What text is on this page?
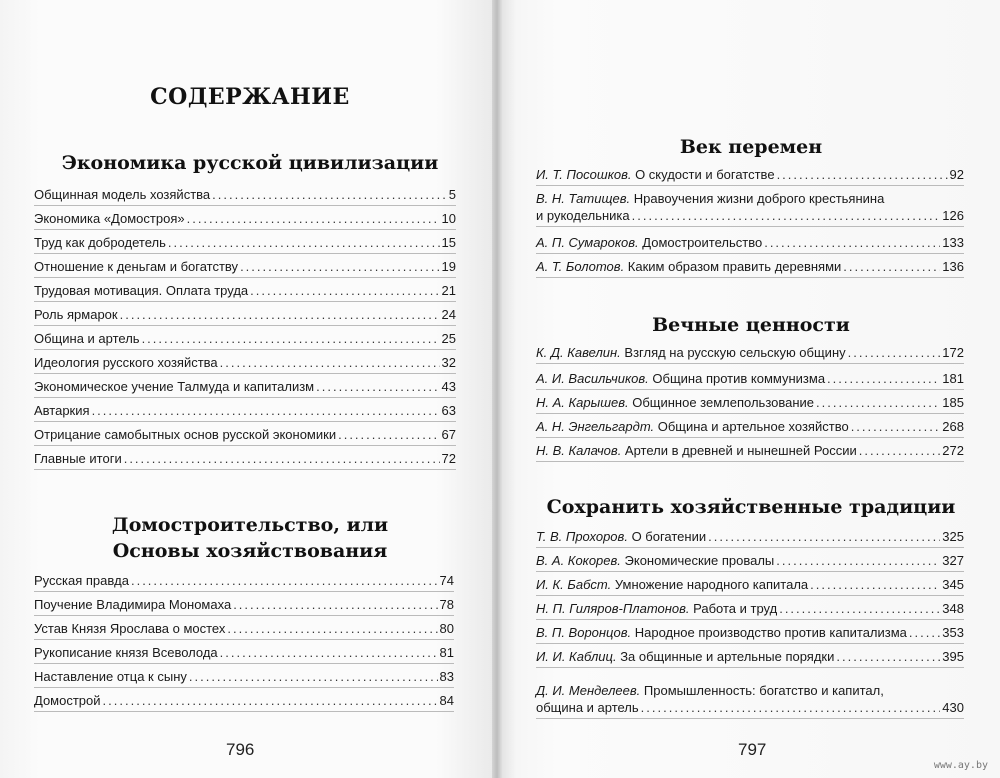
СОДЕРЖАНИЕ
Экономика русской цивилизации
Общинная модель хозяйства .....	5
Экономика «Домостроя» .....	10
Труд как добродетель .....	15
Отношение к деньгам и богатству .....	19
Трудовая мотивация. Оплата труда .....	21
Роль ярмарок .....	24
Община и артель .....	25
Идеология русского хозяйства .....	32
Экономическое учение Талмуда и капитализм .....	43
Автаркия .....	63
Отрицание самобытных основ русской экономики .....	67
Главные итоги .....	72
Домостроительство, или
Основы хозяйствования
Русская правда .....	74
Поучение Владимира Мономаха .....	78
Устав Князя Ярослава о мостех .....	80
Рукописание князя Всеволода .....	81
Наставление отца к сыну .....	83
Домострой .....	84
796
Век перемен
И. Т. Посошков. О скудости и богатстве .....	92
В. Н. Татищев. Нравоучения жизни доброго крестьянина
и рукодельника .....	126
А. П. Сумароков. Домостроительство .....	133
А. Т. Болотов. Каким образом править деревнями .....	136
Вечные ценности
К. Д. Кавелин. Взгляд на русскую сельскую общину .....	172
А. И. Васильчиков. Община против коммунизма .....	181
Н. А. Карышев. Общинное землепользование .....	185
А. Н. Энгельгардт. Община и артельное хозяйство .....	268
Н. В. Калачов. Артели в древней и нынешней России .....	272
Сохранить хозяйственные традиции
Т. В. Прохоров. О богатении .....	325
В. А. Кокорев. Экономические провалы .....	327
И. К. Бабст. Умножение народного капитала .....	345
Н. П. Гиляров-Платонов. Работа и труд .....	348
В. П. Воронцов. Народное производство против капитализма .....	353
И. И. Каблиц. За общинные и артельные порядки .....	395
Д. И. Менделеев. Промышленность: богатство и капитал,
община и артель .....	430
797
www.ay.by
